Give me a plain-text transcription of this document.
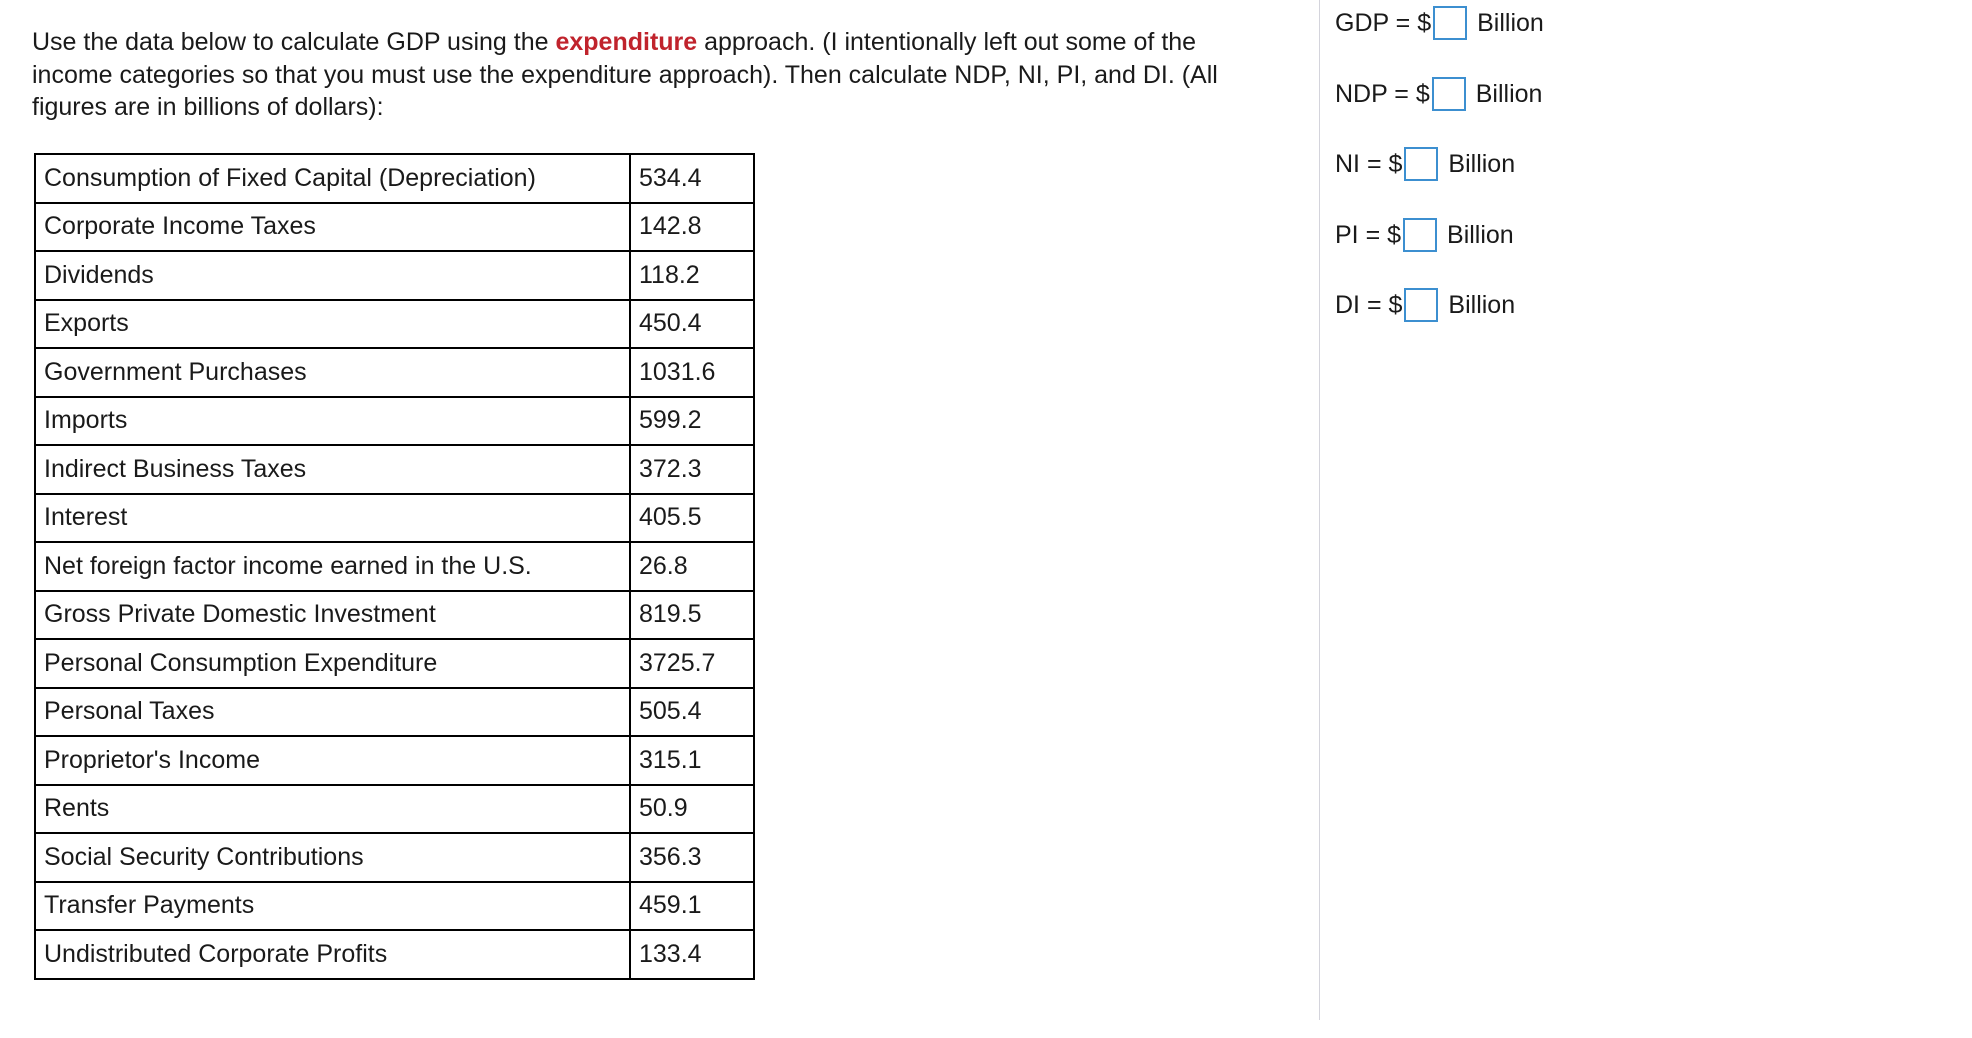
Use the data below to calculate GDP using the expenditure approach. (I intentionally left out some of the
income categories so that you must use the expenditure approach). Then calculate NDP, NI, PI, and DI. (All
figures are in billions of dollars):
Consumption of Fixed Capital (Depreciation)	534.4
Corporate Income Taxes	142.8
Dividends	118.2
Exports	450.4
Government Purchases	1031.6
Imports	599.2
Indirect Business Taxes	372.3
Interest	405.5
Net foreign factor income earned in the U.S.	26.8
Gross Private Domestic Investment	819.5
Personal Consumption Expenditure	3725.7
Personal Taxes	505.4
Proprietor's Income	315.1
Rents	50.9
Social Security Contributions	356.3
Transfer Payments	459.1
Undistributed Corporate Profits	133.4
GDP = $ Billion
NDP = $ Billion
NI = $ Billion
PI = $ Billion
DI = $ Billion
